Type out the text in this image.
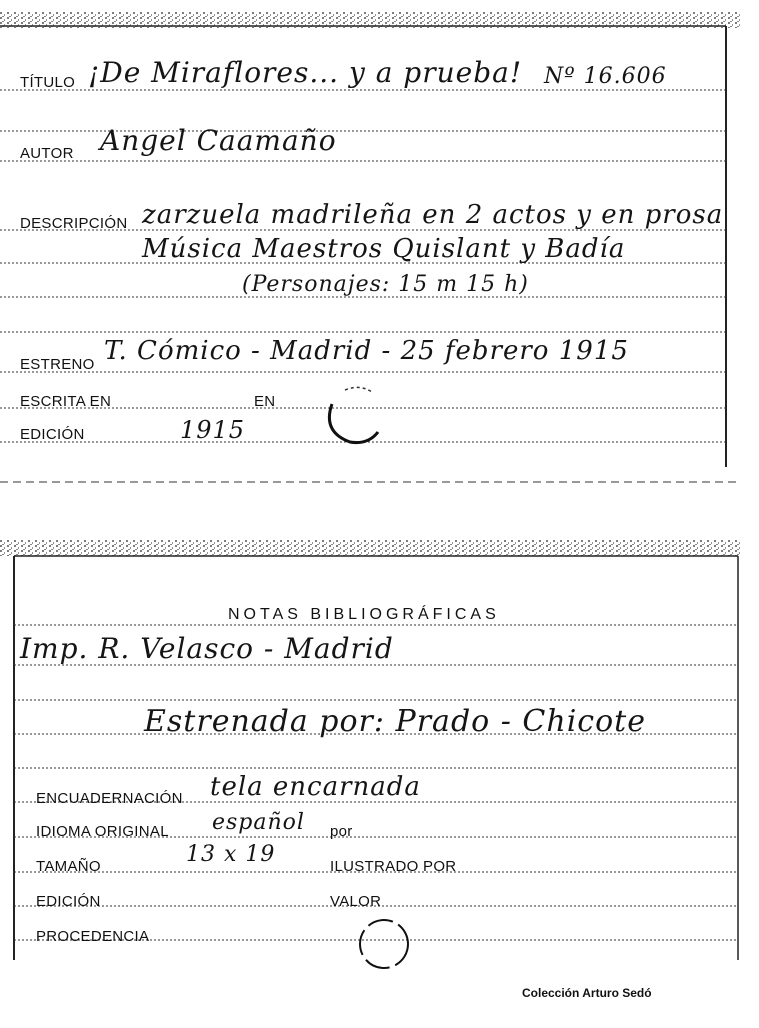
TÍTULO ¡De Miraflores... y a prueba! Nº 16.606
AUTOR Angel Caamaño
DESCRIPCIÓN zarzuela madrileña en 2 actos y en prosa
Música Maestros Quislant y Badía
(Personajes: 15 m 15 h)
ESTRENO T. Cómico - Madrid - 25 febrero 1915
ESCRITA EN	EN
EDICIÓN	1915
NOTAS BIBLIOGRÁFICAS
Imp. R. Velasco - Madrid
Estrenada por: Prado - Chicote
ENCUADERNACIÓN tela encarnada
IDIOMA ORIGINAL español por
TAMAÑO	13 x 19	ILUSTRADO POR
EDICIÓN	VALOR
PROCEDENCIA
Colección Arturo Sedó
